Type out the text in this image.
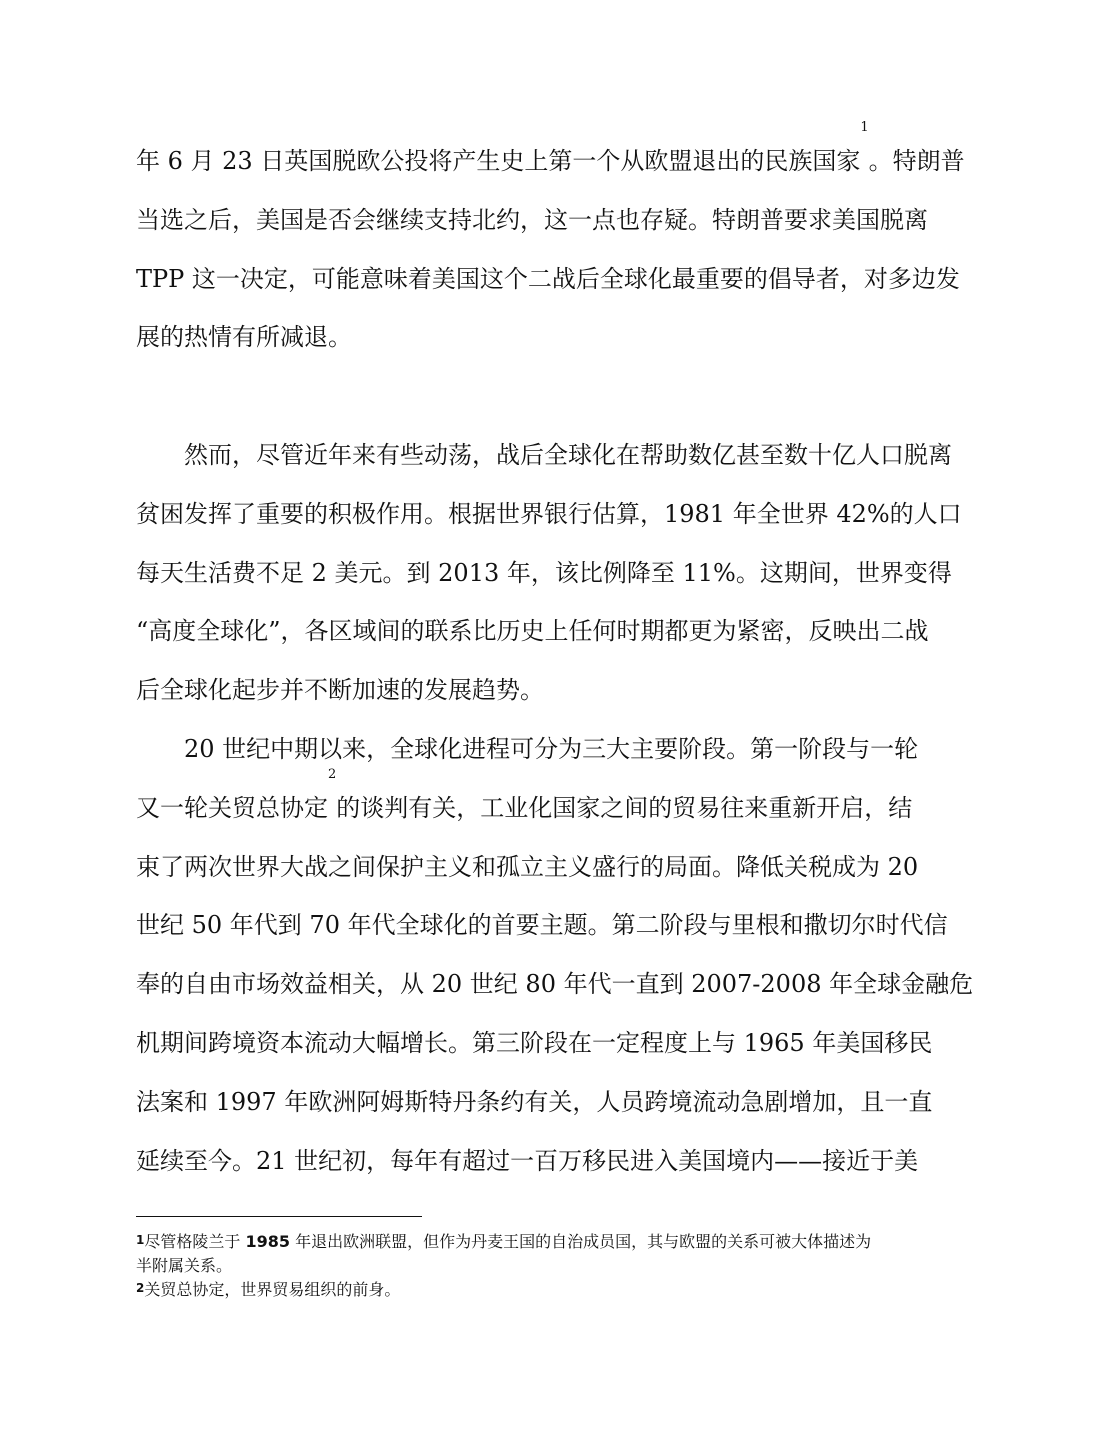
年 6 月 23 日英国脱欧公投将产生史上第一个从欧盟退出的民族国家$^1$。特朗普
当选之后，美国是否会继续支持北约，这一点也存疑。特朗普要求美国脱离
TPP 这一决定，可能意味着美国这个二战后全球化最重要的倡导者，对多边发
展的热情有所减退。
　　然而，尽管近年来有些动荡，战后全球化在帮助数亿甚至数十亿人口脱离
贫困发挥了重要的积极作用。根据世界银行估算，1981 年全世界 42%的人口
每天生活费不足 2 美元。到 2013 年，该比例降至 11%。这期间，世界变得
“高度全球化”，各区域间的联系比历史上任何时期都更为紧密，反映出二战
后全球化起步并不断加速的发展趋势。
　　20 世纪中期以来，全球化进程可分为三大主要阶段。第一阶段与一轮
又一轮关贸总协定$^2$的谈判有关，工业化国家之间的贸易往来重新开启，结
束了两次世界大战之间保护主义和孤立主义盛行的局面。降低关税成为 20
世纪 50 年代到 70 年代全球化的首要主题。第二阶段与里根和撒切尔时代信
奉的自由市场效益相关，从 20 世纪 80 年代一直到 2007-2008 年全球金融危
机期间跨境资本流动大幅增长。第三阶段在一定程度上与 1965 年美国移民
法案和 1997 年欧洲阿姆斯特丹条约有关，人员跨境流动急剧增加，且一直
延续至今。21 世纪初，每年有超过一百万移民进入美国境内——接近于美

$^1$尽管格陵兰于 1985 年退出欧洲联盟，但作为丹麦王国的自治成员国，其与欧盟的关系可被大体描述为
半附属关系。

$^2$关贸总协定，世界贸易组织的前身。
